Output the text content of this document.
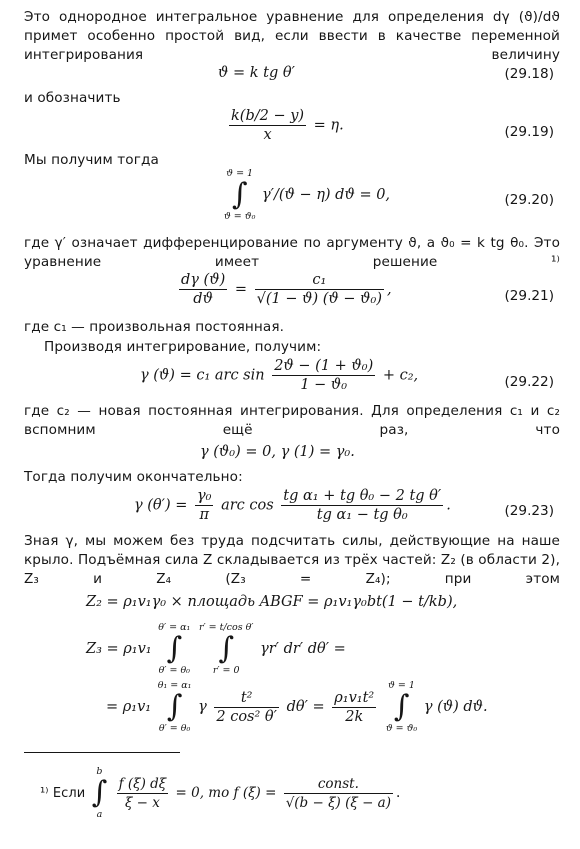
Это однородное интегральное уравнение для определения dγ (ϑ)/dϑ примет особенно простой вид, если ввести в качестве переменной интегрирования величину
ϑ = k tg θ′	(29.18)
и обозначить
$\frac{k(b/2 - y)}{x} = \eta$.	(29.19)
Мы получим тогда
ϑ = 1
∫
ϑ = ϑ₀
γ′/(ϑ − η) dϑ = 0,	(29.20)
где γ′ означает дифференцирование по аргументу ϑ, а ϑ₀ = k tg θ₀. Это уравнение имеет решение ¹⁾
$\frac{d\gamma (ϑ)}{dϑ} = \frac{\text{c₁}}{\text{√(1 − ϑ) (ϑ − ϑ₀)}}$ ,	(29.21)
где c₁ — произвольная постоянная.
Производя интегрирование, получим:
γ (ϑ) = c₁ arc $\sin \frac{\text{2ϑ − (1 + ϑ₀)}}{\text{1 − ϑ₀}} + c_2$,	(29.22)
где c₂ — новая постоянная интегрирования. Для определения c₁ и c₂ вспомним ещё раз, что
γ (ϑ₀) = 0, γ (1) = γ₀.
Тогда получим окончательно:
γ $(\theta') = \frac{\text{γ₀}}{\pi}$ arc $\cos \frac{\text{tg α₁ + tg θ₀ − 2 tg θ′}}{\text{tg α₁ − tg θ₀}}$ .	(29.23)
Зная γ, мы можем без труда подсчитать силы, действующие на наше крыло. Подъёмная сила Z складывается из трёх частей: Z₂ (в области 2), Z₃ и Z₄ (Z₃ = Z₄); при этом
Z₂ = ρ₁v₁γ₀ × площадь ABGF = ρ₁v₁γ₀bt(1 − t/kb),
Z₃ = ρ₁v₁
θ′ = α₁
∫
θ′ = θ₀

r′ = t/cos θ′
∫
r′ = 0
γr′ dr′ dθ′ =
= ρ₁v₁
θ₁ = α₁
∫
θ′ = θ₀
γ $\frac{\text{t²}}{\text{2 cos² θ′}} d\theta' = \frac{\text{ρ₁v₁t²}}{2k}$

ϑ = 1
∫
ϑ = ϑ₀
γ (ϑ) dϑ.
¹⁾ Если
b
∫
a

$\frac{f (\xi) d\xi}{\xi - x} = 0$, то f $(\xi) = \frac{\text{const.}}{√(b - \xi) (\xi - a)}$ .
